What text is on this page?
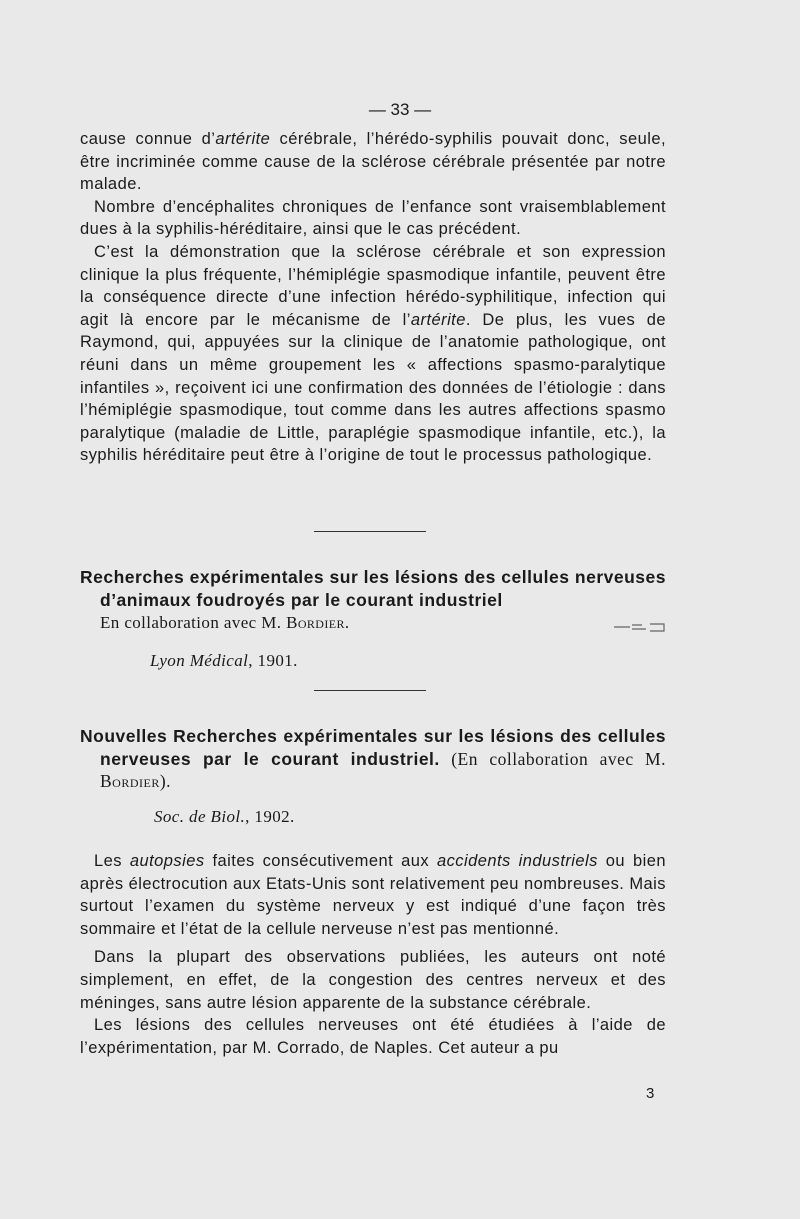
— 33 —

cause connue d’artérite cérébrale, l’hérédo-syphilis pouvait donc, seule, être incriminée comme cause de la sclérose cérébrale présentée par notre malade.

Nombre d’encéphalites chroniques de l’enfance sont vraisemblablement dues à la syphilis-héréditaire, ainsi que le cas précédent.

C’est la démonstration que la sclérose cérébrale et son expression clinique la plus fréquente, l’hémiplégie spasmodique infantile, peuvent être la conséquence directe d’une infection hérédo-syphilitique, infection qui agit là encore par le mécanisme de l’artérite. De plus, les vues de Raymond, qui, appuyées sur la clinique de l’anatomie pathologique, ont réuni dans un même groupement les « affections spasmo-paralytique infantiles », reçoivent ici une confirmation des données de l’étiologie : dans l’hémiplégie spasmodique, tout comme dans les autres affections spasmo paralytique (maladie de Little, paraplégie spasmodique infantile, etc.), la syphilis héréditaire peut être à l’origine de tout le processus pathologique.

Recherches expérimentales sur les lésions des cellules nerveuses d’animaux foudroyés par le courant industriel

En collaboration avec M. Bordier.

Lyon Médical, 1901.

Nouvelles Recherches expérimentales sur les lésions des cellules nerveuses par le courant industriel. (En collaboration avec M. Bordier).

Soc. de Biol., 1902.

Les autopsies faites consécutivement aux accidents industriels ou bien après électrocution aux Etats-Unis sont relativement peu nombreuses. Mais surtout l’examen du système nerveux y est indiqué d’une façon très sommaire et l’état de la cellule nerveuse n’est pas mentionné.

Dans la plupart des observations publiées, les auteurs ont noté simplement, en effet, de la congestion des centres nerveux et des méninges, sans autre lésion apparente de la substance cérébrale.

Les lésions des cellules nerveuses ont été étudiées à l’aide de l’expérimentation, par M. Corrado, de Naples. Cet auteur a pu

3
